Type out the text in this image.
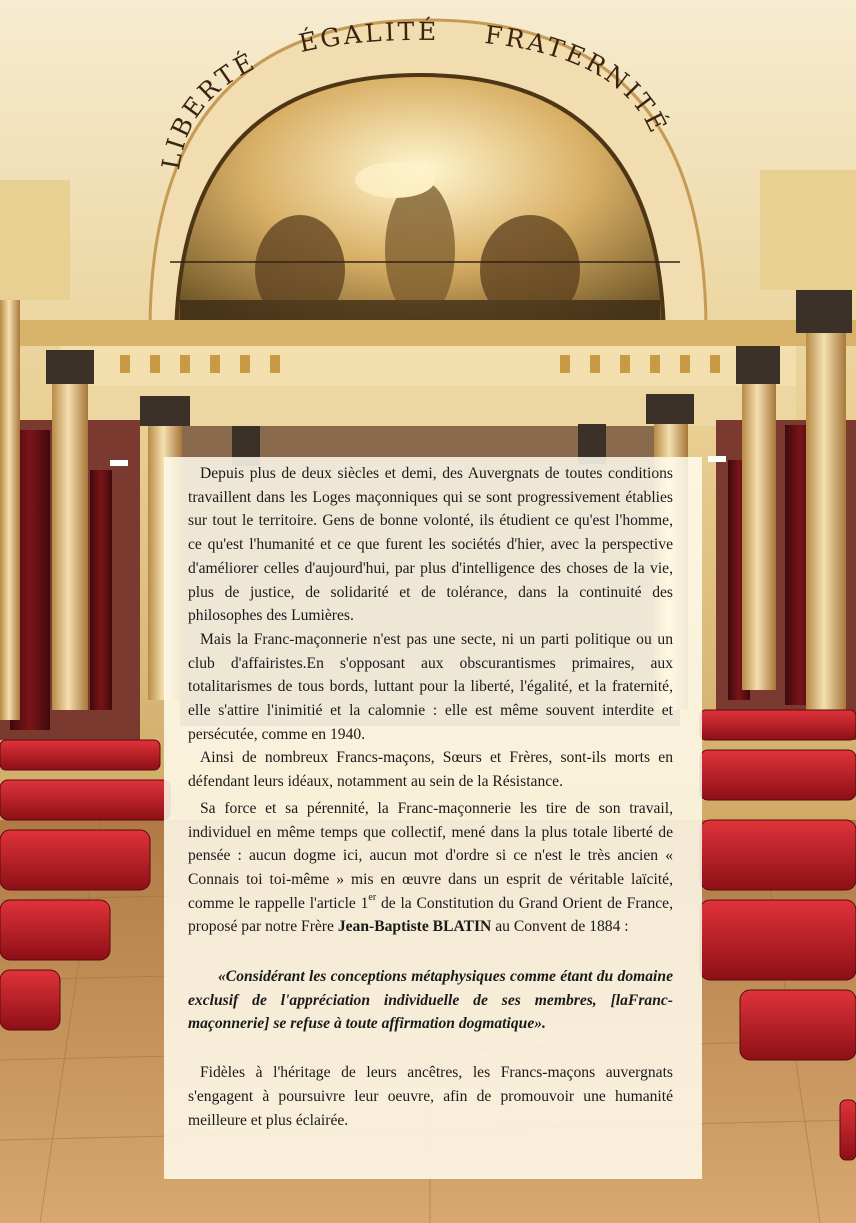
LIBERTÉ ÉGALITÉ FRATERNITÉ

Depuis plus de deux siècles et demi, des Auvergnats de toutes conditions travaillent dans les Loges maçonniques qui se sont progressivement établies sur tout le territoire. Gens de bonne volonté, ils étudient ce qu'est l'homme, ce qu'est l'humanité et ce que furent les sociétés d'hier, avec la perspective d'améliorer celles d'aujourd'hui, par plus d'intelligence des choses de la vie, plus de justice, de solidarité et de tolérance, dans la continuité des philosophes des Lumières.

Mais la Franc-maçonnerie n'est pas une secte, ni un parti politique ou un club d'affairistes.En s'opposant aux obscurantismes primaires, aux totalitarismes de tous bords, luttant pour la liberté, l'égalité, et la fraternité, elle s'attire l'inimitié et la calomnie : elle est même souvent interdite et persécutée, comme en 1940.

Ainsi de nombreux Francs-maçons, Sœurs et Frères, sont-ils morts en défendant leurs idéaux, notamment au sein de la Résistance.

Sa force et sa pérennité, la Franc-maçonnerie les tire de son travail, individuel en même temps que collectif, mené dans la plus totale liberté de pensée : aucun dogme ici, aucun mot d'ordre si ce n'est le très ancien « Connais toi toi-même » mis en œuvre dans un esprit de véritable laïcité, comme le rappelle l'article 1er de la Constitution du Grand Orient de France, proposé par notre Frère Jean-Baptiste BLATIN au Convent de 1884 :

«Considérant les conceptions métaphysiques comme étant du domaine exclusif de l'appréciation individuelle de ses membres, [laFranc-maçonnerie] se refuse à toute affirmation dogmatique».

Fidèles à l'héritage de leurs ancêtres, les Francs-maçons auvergnats s'engagent à poursuivre leur oeuvre, afin de promouvoir une humanité meilleure et plus éclairée.
